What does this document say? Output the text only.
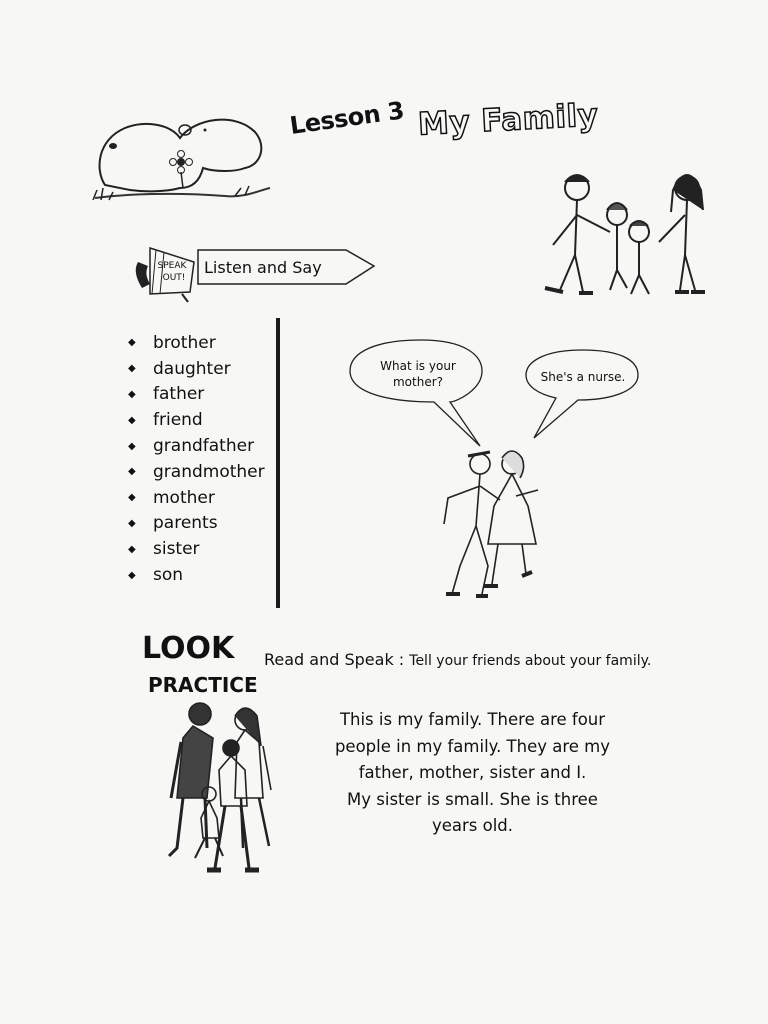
Lesson 3 My Family
SPEAK
OUT!
Listen and Say
◆	brother
◆	daughter
◆	father
◆	friend
◆	grandfather
◆	grandmother
◆	mother
◆	parents
◆	sister
◆	son
What is your mother?	She's a nurse.
LOOK
PRACTICE
Read and Speak : Tell your friends about your family.

This is my family. There are four
people in my family. They are my
father, mother, sister and I.
My sister is small. She is three
years old.
